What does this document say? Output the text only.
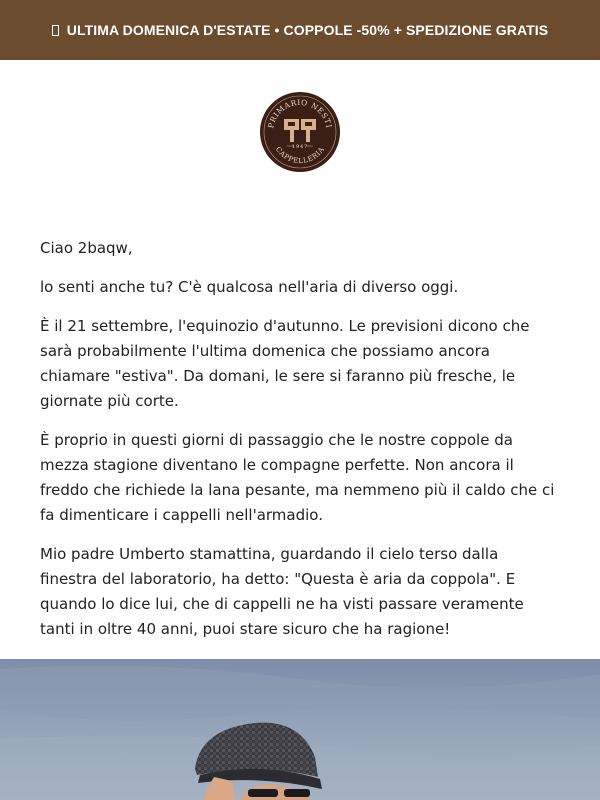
ULTIMA DOMENICA D'ESTATE • COPPOLE -50% + SPEDIZIONE GRATIS
PRIMARIO NESTI
CAPPELLERIA
1947

Ciao 2baqw,

lo senti anche tu? C'è qualcosa nell'aria di diverso oggi.

È il 21 settembre, l'equinozio d'autunno. Le previsioni dicono che sarà probabilmente l'ultima domenica che possiamo ancora chiamare "estiva". Da domani, le sere si faranno più fresche, le giornate più corte.

È proprio in questi giorni di passaggio che le nostre coppole da mezza stagione diventano le compagne perfette. Non ancora il freddo che richiede la lana pesante, ma nemmeno più il caldo che ci fa dimenticare i cappelli nell'armadio.

Mio padre Umberto stamattina, guardando il cielo terso dalla finestra del laboratorio, ha detto: "Questa è aria da coppola". E quando lo dice lui, che di cappelli ne ha visti passare veramente tanti in oltre 40 anni, puoi stare sicuro che ha ragione!
